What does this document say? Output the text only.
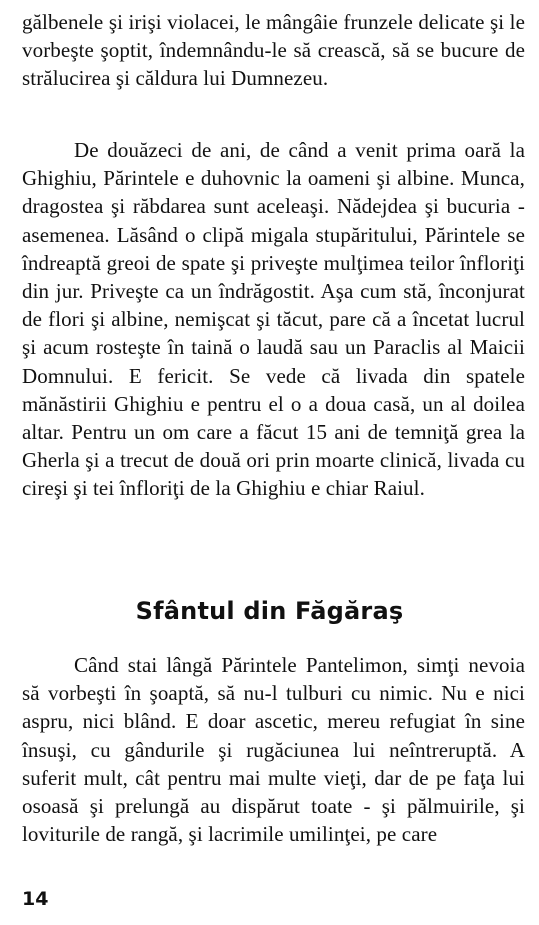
gălbenele şi irişi violacei, le mângâie frunzele delicate şi le vorbeşte şoptit, îndemnându-le să crească, să se bucure de strălucirea şi căldura lui Dumnezeu.

De douăzeci de ani, de când a venit prima oară la Ghighiu, Părintele e duhovnic la oameni şi albine. Munca, dragostea şi răbdarea sunt aceleaşi. Nădejdea şi bucuria - asemenea. Lăsând o clipă migala stupăritului, Părintele se îndreaptă greoi de spate şi priveşte mulţimea teilor înfloriţi din jur. Priveşte ca un îndrăgostit. Aşa cum stă, înconjurat de flori şi albine, nemişcat şi tăcut, pare că a încetat lucrul şi acum rosteşte în taină o laudă sau un Paraclis al Maicii Domnului. E fericit. Se vede că livada din spatele mănăstirii Ghighiu e pentru el o a doua casă, un al doilea altar. Pentru un om care a făcut 15 ani de temniţă grea la Gherla şi a trecut de două ori prin moarte clinică, livada cu cireşi şi tei înfloriţi de la Ghighiu e chiar Raiul.

Sfântul din Făgăraş

Când stai lângă Părintele Pantelimon, simţi nevoia să vorbeşti în şoaptă, să nu-l tulburi cu nimic. Nu e nici aspru, nici blând. E doar ascetic, mereu refugiat în sine însuşi, cu gândurile şi rugăciunea lui neîntreruptă. A suferit mult, cât pentru mai multe vieţi, dar de pe faţa lui osoasă şi prelungă au dispărut toate - şi pălmuirile, şi loviturile de rangă, şi lacrimile umilinţei, pe care

14
